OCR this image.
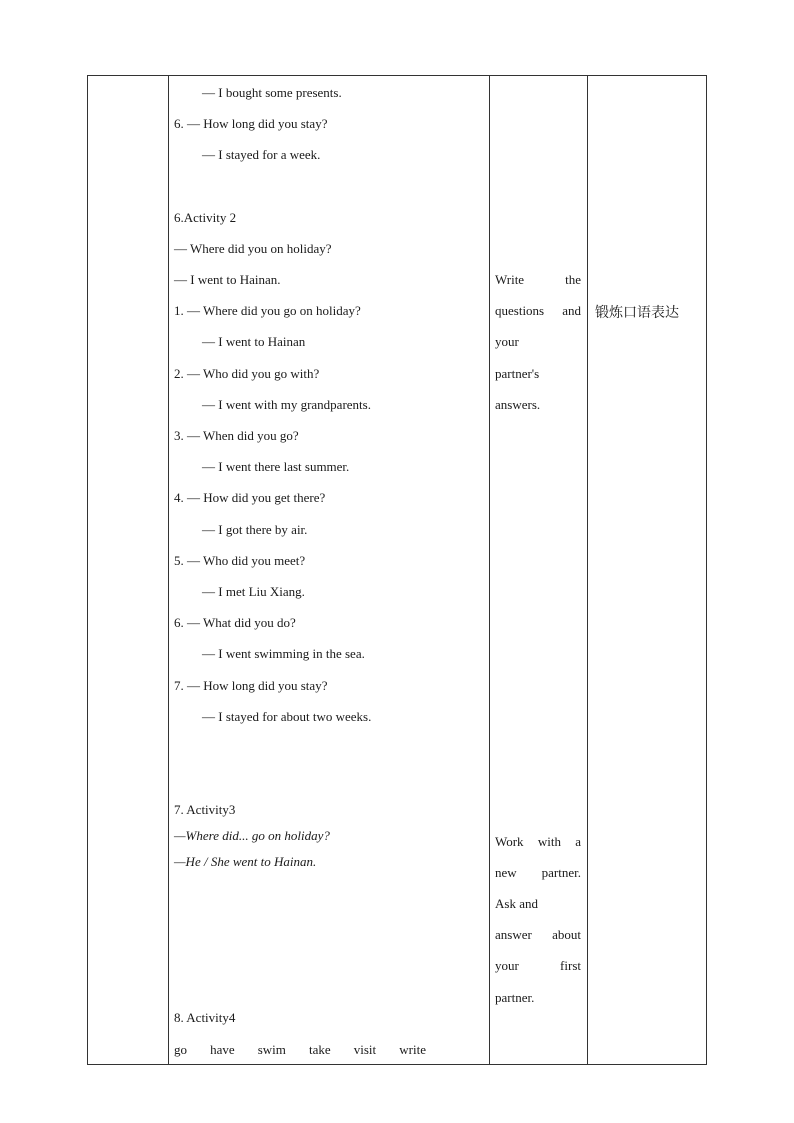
— I bought some presents.
6. — How long did you stay?
— I stayed for a week.
6.Activity 2
— Where did you on holiday?
— I went to Hainan.
1. — Where did you go on holiday?
— I went to Hainan
2. — Who did you go with?
— I went with my grandparents.
3. — When did you go?
— I went there last summer.
4. — How did you get there?
— I got there by air.
5. — Who did you meet?
— I met Liu Xiang.
6. — What did you do?
— I went swimming in the sea.
7. — How long did you stay?
— I stayed for about two weeks.
7. Activity3
—Where did... go on holiday?
—He / She went to Hainan.
8. Activity4
go have swim take visit write
Write	the
questions and
your
partner's
answers.
Work with a
new partner.
Ask and
answer about
your	first
partner.
锻炼口语表达
